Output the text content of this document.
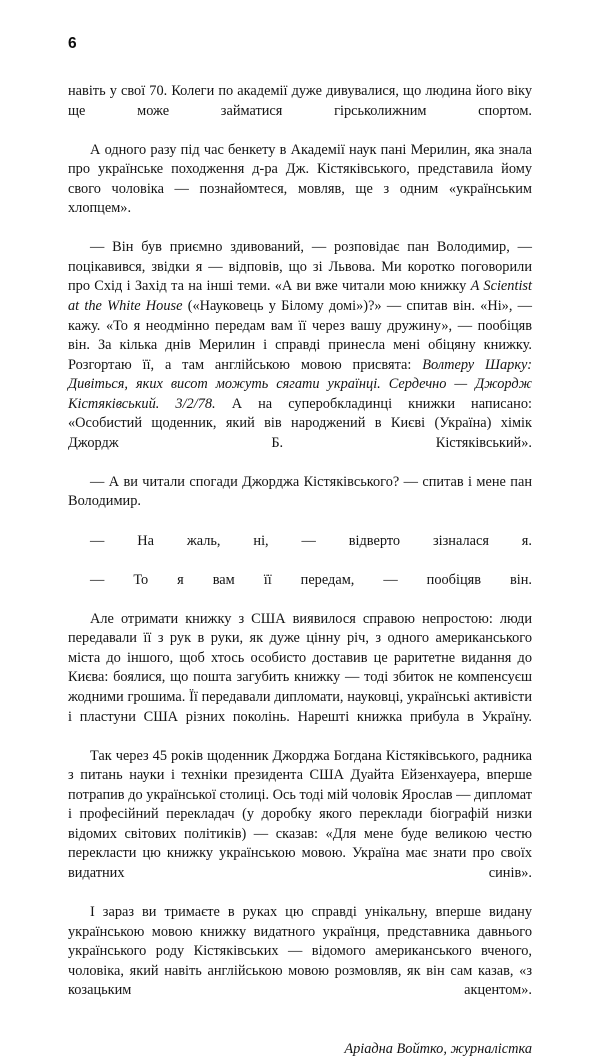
6

навіть у свої 70. Колеги по академії дуже дивувалися, що людина його віку ще може займатися гірськолижним спортом.

А одного разу під час бенкету в Академії наук пані Мерилин, яка знала про українське походження д-ра Дж. Кістяківського, представила йому свого чоловіка — познайомтеся, мовляв, ще з одним «українським хлопцем».

— Він був приємно здивований, — розповідає пан Володимир, — поцікавився, звідки я — відповів, що зі Львова. Ми коротко поговорили про Схід і Захід та на інші теми. «А ви вже читали мою книжку A Scientist at the White House («Науковець у Білому домі»)?» — спитав він. «Ні», — кажу. «То я неодмінно передам вам її через вашу дружину», — пообіцяв він. За кілька днів Мерилин і справді принесла мені обіцяну книжку. Розгортаю її, а там англійською мовою присвята: Волтеру Шарку: Дивіться, яких висот можуть сягати українці. Сердечно — Джордж Кістяківський. 3/2/78. А на суперобкладинці книжки написано: «Особистий щоденник, який вів народжений в Києві (Україна) хімік Джордж Б. Кістяківський».

— А ви читали спогади Джорджа Кістяківського? — спитав і мене пан Володимир.

— На жаль, ні, — відверто зізналася я.

— То я вам її передам, — пообіцяв він.

Але отримати книжку з США виявилося справою непростою: люди передавали її з рук в руки, як дуже цінну річ, з одного американського міста до іншого, щоб хтось особисто доставив це раритетне видання до Києва: боялися, що пошта загубить книжку — тоді збиток не компенсуєш жодними грошима. Її передавали дипломати, науковці, українські активісти і пластуни США різних поколінь. Нарешті книжка прибула в Україну.

Так через 45 років щоденник Джорджа Богдана Кістяківського, радника з питань науки і техніки президента США Дуайта Ейзенхауера, вперше потрапив до української столиці. Ось тоді мій чоловік Ярослав — дипломат і професійний перекладач (у доробку якого переклади біографій низки відомих світових політиків) — сказав: «Для мене буде великою честю перекласти цю книжку українською мовою. Україна має знати про своїх видатних синів».

І зараз ви тримаєте в руках цю справді унікальну, вперше видану українською мовою книжку видатного українця, представника давнього українського роду Кістяківських — відомого американського вченого, чоловіка, який навіть англійською мовою розмовляв, як він сам казав, «з козацьким акцентом».

Аріадна Войтко, журналістка
